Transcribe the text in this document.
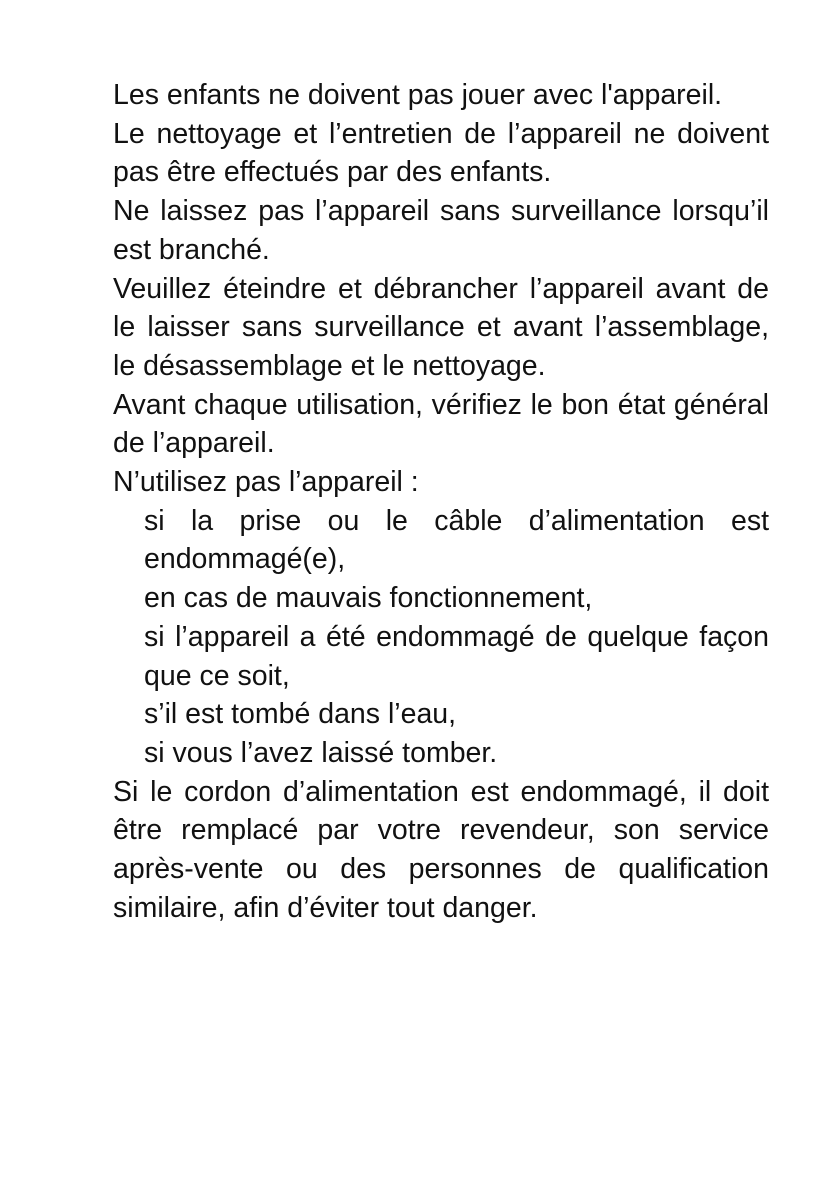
Les enfants ne doivent pas jouer avec l'appareil.

Le nettoyage et l’entretien de l’appareil ne doivent pas être effectués par des enfants.

Ne laissez pas l’appareil sans surveillance lorsqu’il est branché.

Veuillez éteindre et débrancher l’appareil avant de le laisser sans surveillance et avant l’assemblage, le désassemblage et le nettoyage.

Avant chaque utilisation, vérifiez le bon état général de l’appareil.

N’utilisez pas l’appareil :

si la prise ou le câble d’alimentation est endommagé(e),
en cas de mauvais fonctionnement,
si l’appareil a été endommagé de quelque façon que ce soit,
s’il est tombé dans l’eau,
si vous l’avez laissé tomber.

Si le cordon d’alimentation est endommagé, il doit être remplacé par votre revendeur, son service après-vente ou des personnes de qualification similaire, afin d’éviter tout danger.
